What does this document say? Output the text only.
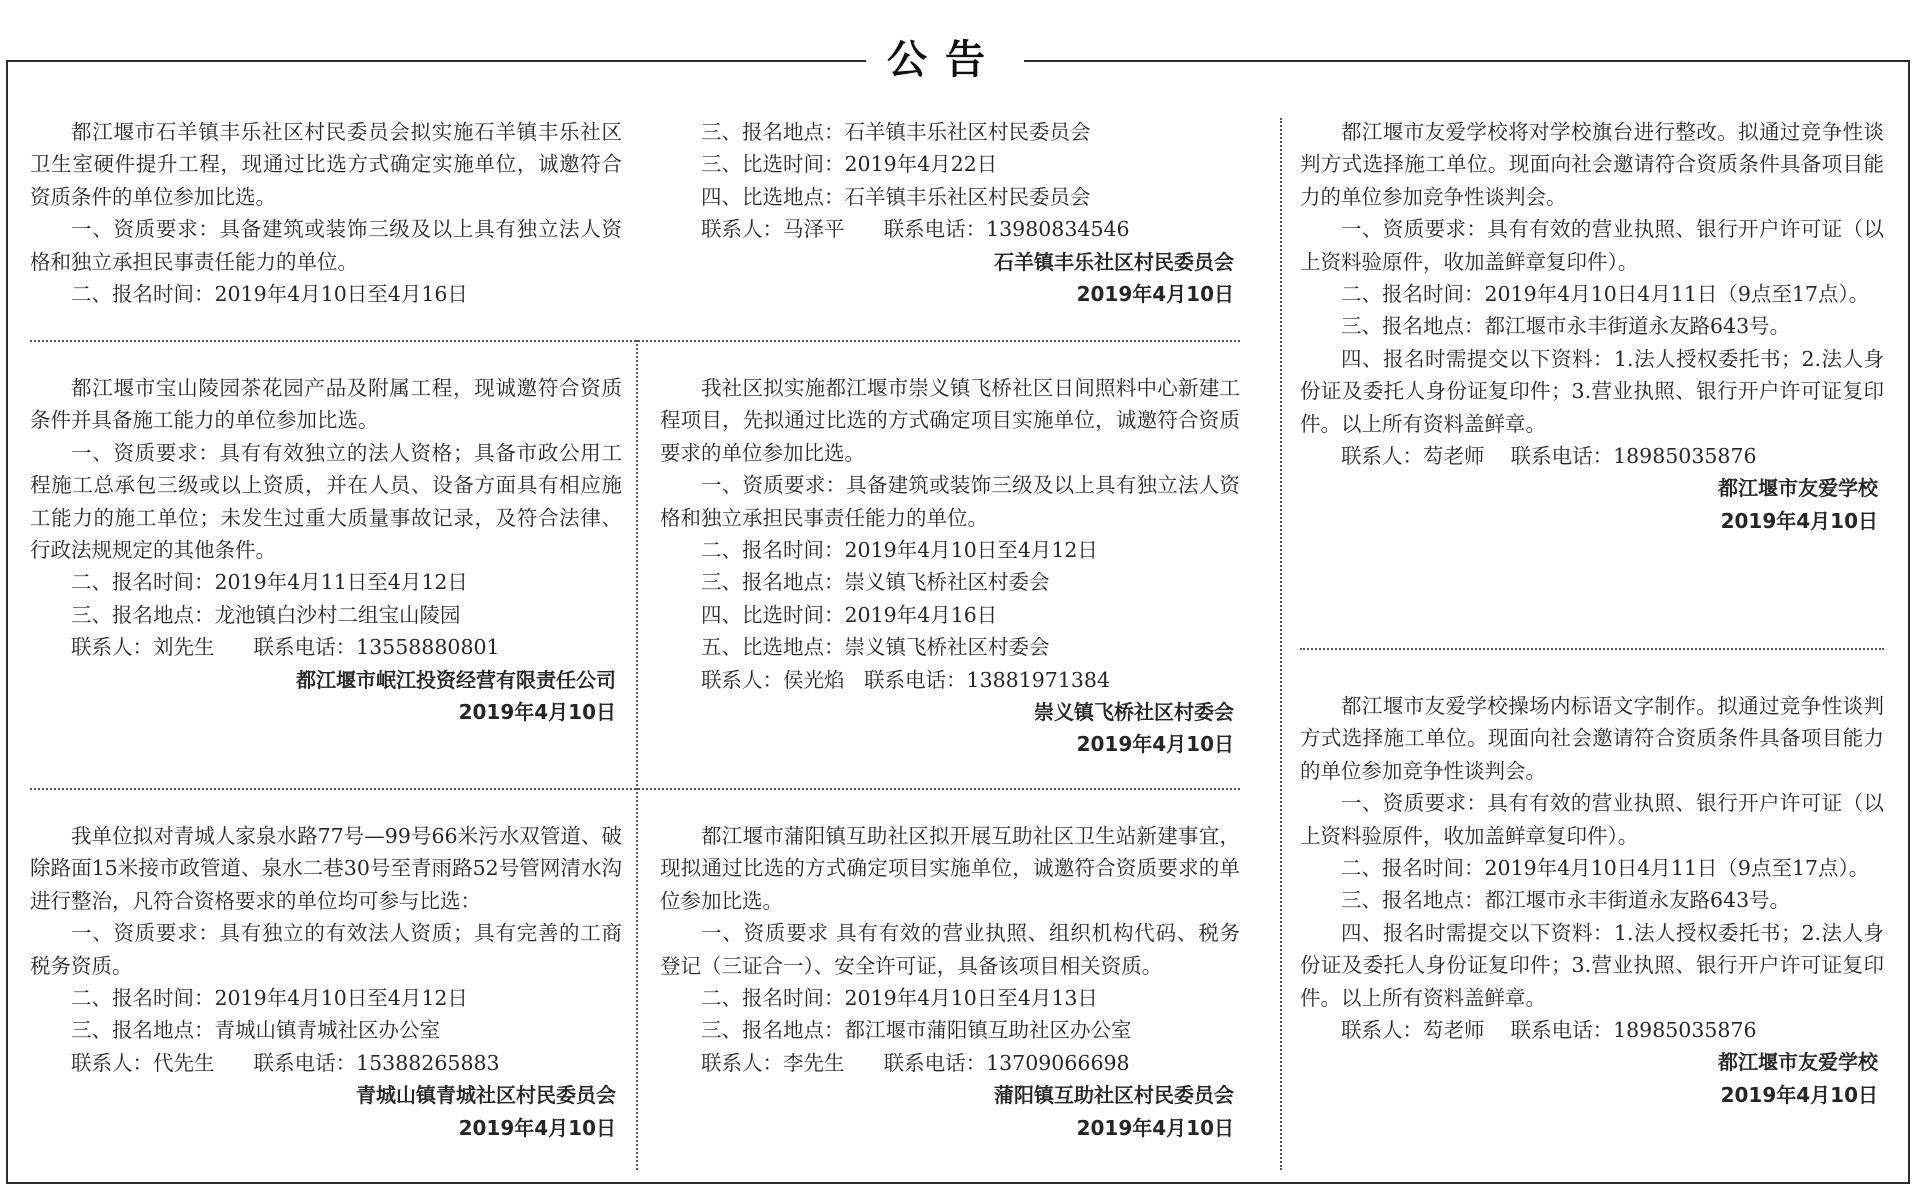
公告

都江堰市石羊镇丰乐社区村民委员会拟实施石羊镇丰乐社区卫生室硬件提升工程，现通过比选方式确定实施单位，诚邀符合资质条件的单位参加比选。

一、资质要求：具备建筑或装饰三级及以上具有独立法人资格和独立承担民事责任能力的单位。

二、报名时间：2019年4月10日至4月16日

三、报名地点：石羊镇丰乐社区村民委员会

三、比选时间：2019年4月22日

四、比选地点：石羊镇丰乐社区村民委员会

联系人：马泽平      联系电话：13980834546

石羊镇丰乐社区村民委员会

2019年4月10日

都江堰市宝山陵园茶花园产品及附属工程，现诚邀符合资质条件并具备施工能力的单位参加比选。

一、资质要求：具有有效独立的法人资格；具备市政公用工程施工总承包三级或以上资质，并在人员、设备方面具有相应施工能力的施工单位；未发生过重大质量事故记录，及符合法律、行政法规规定的其他条件。

二、报名时间：2019年4月11日至4月12日

三、报名地点：龙池镇白沙村二组宝山陵园

联系人：刘先生      联系电话：13558880801

都江堰市岷江投资经营有限责任公司

2019年4月10日

我社区拟实施都江堰市崇义镇飞桥社区日间照料中心新建工程项目，先拟通过比选的方式确定项目实施单位，诚邀符合资质要求的单位参加比选。

一、资质要求：具备建筑或装饰三级及以上具有独立法人资格和独立承担民事责任能力的单位。

二、报名时间：2019年4月10日至4月12日

三、报名地点：崇义镇飞桥社区村委会

四、比选时间：2019年4月16日

五、比选地点：崇义镇飞桥社区村委会

联系人：侯光焰   联系电话：13881971384

崇义镇飞桥社区村委会

2019年4月10日

我单位拟对青城人家泉水路77号—99号66米污水双管道、破除路面15米接市政管道、泉水二巷30号至青雨路52号管网清水沟进行整治，凡符合资格要求的单位均可参与比选：

一、资质要求：具有独立的有效法人资质；具有完善的工商税务资质。

二、报名时间：2019年4月10日至4月12日

三、报名地点：青城山镇青城社区办公室

联系人：代先生      联系电话：15388265883

青城山镇青城社区村民委员会

2019年4月10日

都江堰市蒲阳镇互助社区拟开展互助社区卫生站新建事宜，现拟通过比选的方式确定项目实施单位，诚邀符合资质要求的单位参加比选。

一、资质要求 具有有效的营业执照、组织机构代码、税务登记（三证合一）、安全许可证，具备该项目相关资质。

二、报名时间：2019年4月10日至4月13日

三、报名地点：都江堰市蒲阳镇互助社区办公室

联系人：李先生      联系电话：13709066698

蒲阳镇互助社区村民委员会

2019年4月10日

都江堰市友爱学校将对学校旗台进行整改。拟通过竞争性谈判方式选择施工单位。现面向社会邀请符合资质条件具备项目能力的单位参加竞争性谈判会。

一、资质要求：具有有效的营业执照、银行开户许可证（以上资料验原件，收加盖鲜章复印件）。

二、报名时间：2019年4月10日4月11日（9点至17点）。

三、报名地点：都江堰市永丰街道永友路643号。

四、报名时需提交以下资料：1.法人授权委托书；2.法人身份证及委托人身份证复印件；3.营业执照、银行开户许可证复印件。以上所有资料盖鲜章。

联系人：芶老师    联系电话：18985035876

都江堰市友爱学校

2019年4月10日

都江堰市友爱学校操场内标语文字制作。拟通过竞争性谈判方式选择施工单位。现面向社会邀请符合资质条件具备项目能力的单位参加竞争性谈判会。

一、资质要求：具有有效的营业执照、银行开户许可证（以上资料验原件，收加盖鲜章复印件）。

二、报名时间：2019年4月10日4月11日（9点至17点）。

三、报名地点：都江堰市永丰街道永友路643号。

四、报名时需提交以下资料：1.法人授权委托书；2.法人身份证及委托人身份证复印件；3.营业执照、银行开户许可证复印件。以上所有资料盖鲜章。

联系人：芶老师    联系电话：18985035876

都江堰市友爱学校

2019年4月10日
